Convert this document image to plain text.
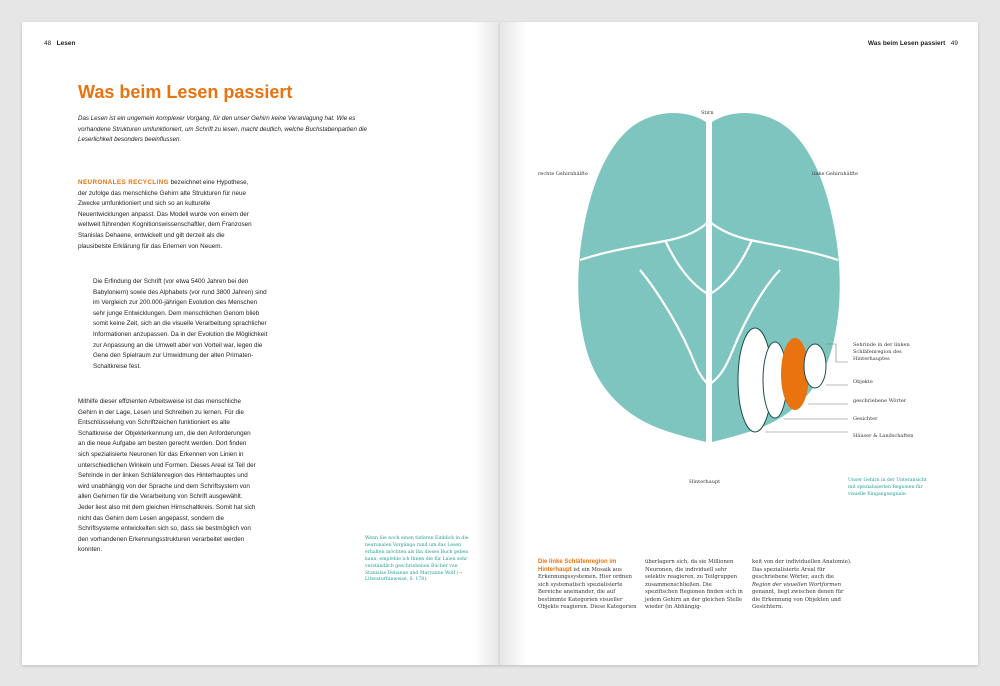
48 Lesen
Was beim Lesen passiert
Das Lesen ist ein ungemein komplexer Vorgang, für den unser Gehirn keine Veranlagung hat. Wie es vorhandene Strukturen umfunktioniert, um Schrift zu lesen, macht deutlich, welche Buchstabenpartien die Leserlichkeit besonders beeinflussen.
NEURONALES RECYCLING bezeichnet eine Hypothese, der zufolge das menschliche Gehirn alte Strukturen für neue Zwecke umfunktioniert und sich so an kulturelle Neuentwicklungen anpasst. Das Modell wurde von einem der weltweit führenden Kognitionswissenschaftler, dem Franzosen Stanislas Dehaene, entwickelt und gilt derzeit als die plausibelste Erklärung für das Erlernen von Neuem.
Die Erfindung der Schrift (vor etwa 5400 Jahren bei den Babyloniern) sowie des Alphabets (vor rund 3800 Jahren) sind im Vergleich zur 200.000-jährigen Evolution des Menschen sehr junge Entwicklungen. Dem menschlichen Genom blieb somit keine Zeit, sich an die visuelle Verarbeitung sprachlicher Informationen anzupassen. Da in der Evolution die Möglichkeit zur Anpassung an die Umwelt aber von Vorteil war, legen die Gene den Spielraum zur Umwidmung der alten Primaten-Schaltkreise fest.
Mithilfe dieser effizienten Arbeitsweise ist das menschliche Gehirn in der Lage, Lesen und Schreiben zu lernen. Für die Entschlüsselung von Schriftzeichen funktioniert es alte Schaltkreise der Objekterkennung um, die den Anforderungen an die neue Aufgabe am besten gerecht werden. Dort finden sich spezialisierte Neuronen für das Erkennen von Linien in unterschiedlichen Winkeln und Formen. Dieses Areal ist Teil der Sehrinde in der linken Schläfenregion des Hinterhauptes und wird unabhängig von der Sprache und dem Schriftsystem von allen Gehirnen für die Verarbeitung von Schrift ausgewählt. Jeder liest also mit dem gleichen Hirnschaltkreis. Somit hat sich nicht das Gehirn dem Lesen angepasst, sondern die Schriftsysteme entwickelten sich so, dass sie bestmöglich von den vorhandenen Erkennungsstrukturen verarbeitet werden konnten.
Wenn Sie noch einen tieferen Einblick in die neuronalen Vorgänge rund um das Lesen erhalten möchten als ihn dieses Buch geben kann, empfehle ich Ihnen die für Laien sehr verständlich geschriebenen Bücher von Stanislas Dehaene und Maryanne Wolf (→ Literaturhinweise, S. 178).
Was beim Lesen passiert 49
Stirn
rechte Gehirnhälfte	linke Gehirnhälfte
Hinterhaupt
Sehrinde in der linken Schläfenregion des Hinterhauptes
Objekte
geschriebene Wörter
Gesichter
Häuser & Landschaften
Unser Gehirn in der Unteransicht mit spezialisierten Regionen für visuelle Eingangssignale.
Die linke Schläfenregion im Hinterhaupt ist ein Mosaik aus Erkennungssystemen. Hier ordnen sich systematisch spezialisierte Bereiche aneinander, die auf bestimmte Kategorien visueller Objekte reagieren. Diese Kategorien
überlagern sich, da sie Millionen Neuronen, die individuell sehr selektiv reagieren, zu Teilgruppen zusammenschließen. Die spezifischen Regionen finden sich in jedem Gehirn an der gleichen Stelle wieder (in Abhängig-
keit von der individuellen Anatomie). Das spezialisierte Areal für geschriebene Wörter, auch die Region der visuellen Wortformen genannt, liegt zwischen denen für die Erkennung von Objekten und Gesichtern.
